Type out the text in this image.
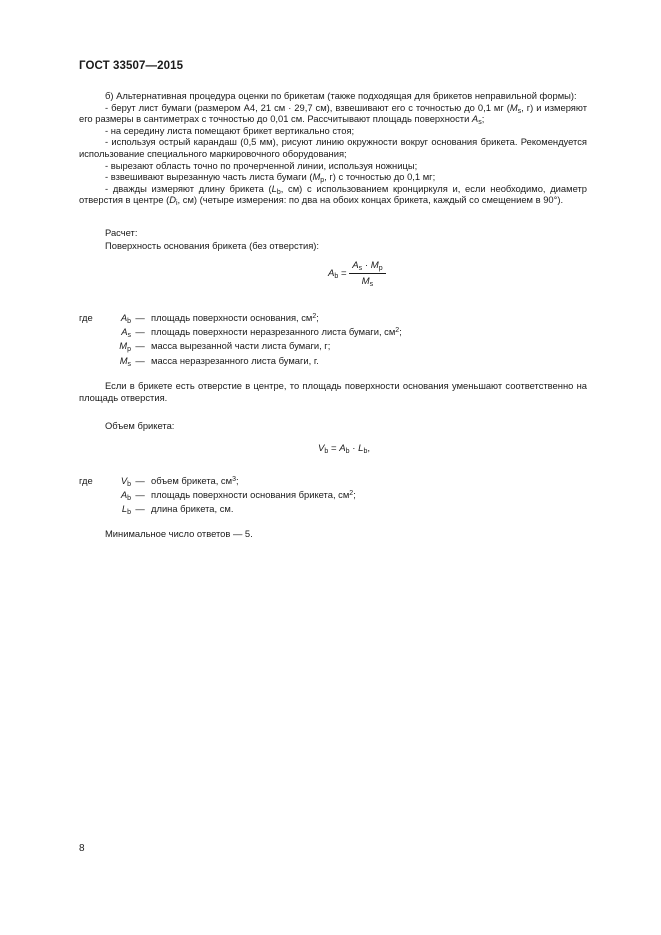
ГОСТ 33507—2015

б) Альтернативная процедура оценки по брикетам (также подходящая для брикетов неправильной формы):

- берут лист бумаги (размером А4, 21 см · 29,7 см), взвешивают его с точностью до 0,1 мг ($M_s$, г) и измеряют его размеры в сантиметрах с точностью до 0,01 см. Рассчитывают площадь поверхности $A_s$;

- на середину листа помещают брикет вертикально стоя;

- используя острый карандаш (0,5 мм), рисуют линию окружности вокруг основания брикета. Рекомендуется использование специального маркировочного оборудования;

- вырезают область точно по прочерченной линии, используя ножницы;

- взвешивают вырезанную часть листа бумаги ($M_p$, г) с точностью до 0,1 мг;

- дважды измеряют длину брикета ($L_b$, см) с использованием кронциркуля и, если необходимо, диаметр отверстия в центре ($D_i$, см) (четыре измерения: по два на обоих концах брикета, каждый со смещением в 90°).

Расчет:

Поверхность основания брикета (без отверстия):

$A_b = \frac{A_s \cdot M_p}{M_s}$
где	$A_b$	—	площадь поверхности основания, $см^2$;
	$A_s$	—	площадь поверхности неразрезанного листа бумаги, $см^2$;
	$M_p$	—	масса вырезанной части листа бумаги, г;
	$M_s$	—	масса неразрезанного листа бумаги, г.

Если в брикете есть отверстие в центре, то площадь поверхности основания уменьшают соответственно на площадь отверстия.

Объем брикета:

$V_b = A_b \cdot L_b$,
где	$V_b$	—	объем брикета, $см^3$;
	$A_b$	—	площадь поверхности основания брикета, $см^2$;
	$L_b$	—	длина брикета, см.

Минимальное число ответов — 5.

8
